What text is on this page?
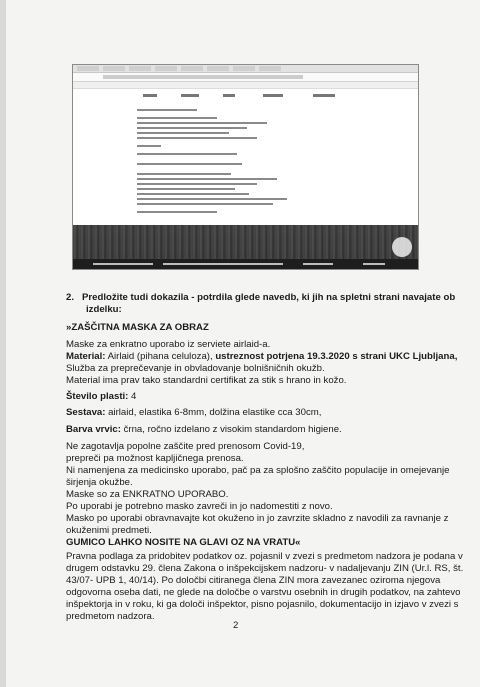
2. Predložite tudi dokazila - potrdila glede navedb, ki jih na spletni strani navajate ob
izdelku:
»ZAŠČITNA MASKA ZA OBRAZ
Maske za enkratno uporabo iz serviete airlaid-a.
Material: Airlaid (pihana celuloza), ustreznost potrjena 19.3.2020 s strani UKC Ljubljana,
Služba za preprečevanje in obvladovanje bolnišničnih okužb.
Material ima prav tako standardni certifikat za stik s hrano in kožo.
Število plasti: 4
Sestava: airlaid, elastika 6-8mm, dolžina elastike cca 30cm,
Barva vrvic: črna, ročno izdelano z visokim standardom higiene.
Ne zagotavlja popolne zaščite pred prenosom Covid-19,
prepreči pa možnost kapljičnega prenosa.
Ni namenjena za medicinsko uporabo, pač pa za splošno zaščito populacije in omejevanje
širjenja okužbe.
Maske so za ENKRATNO UPORABO.
Po uporabi je potrebno masko zavreči in jo nadomestiti z novo.
Masko po uporabi obravnavajte kot okuženo in jo zavrzite skladno z navodili za ravnanje z
okuženimi predmeti.
GUMICO LAHKO NOSITE NA GLAVI OZ NA VRATU«
Pravna podlaga za pridobitev podatkov oz. pojasnil v zvezi s predmetom nadzora je podana v
drugem odstavku 29. člena Zakona o inšpekcijskem nadzoru- v nadaljevanju ZIN (Ur.l. RS, št.
43/07- UPB 1, 40/14). Po določbi citiranega člena ZIN mora zavezanec oziroma njegova
odgovorna oseba dati, ne glede na določbe o varstvu osebnih in drugih podatkov, na zahtevo
inšpektorja in v roku, ki ga določi inšpektor, pisno pojasnilo, dokumentacijo in izjavo v zvezi s
predmetom nadzora.
2
